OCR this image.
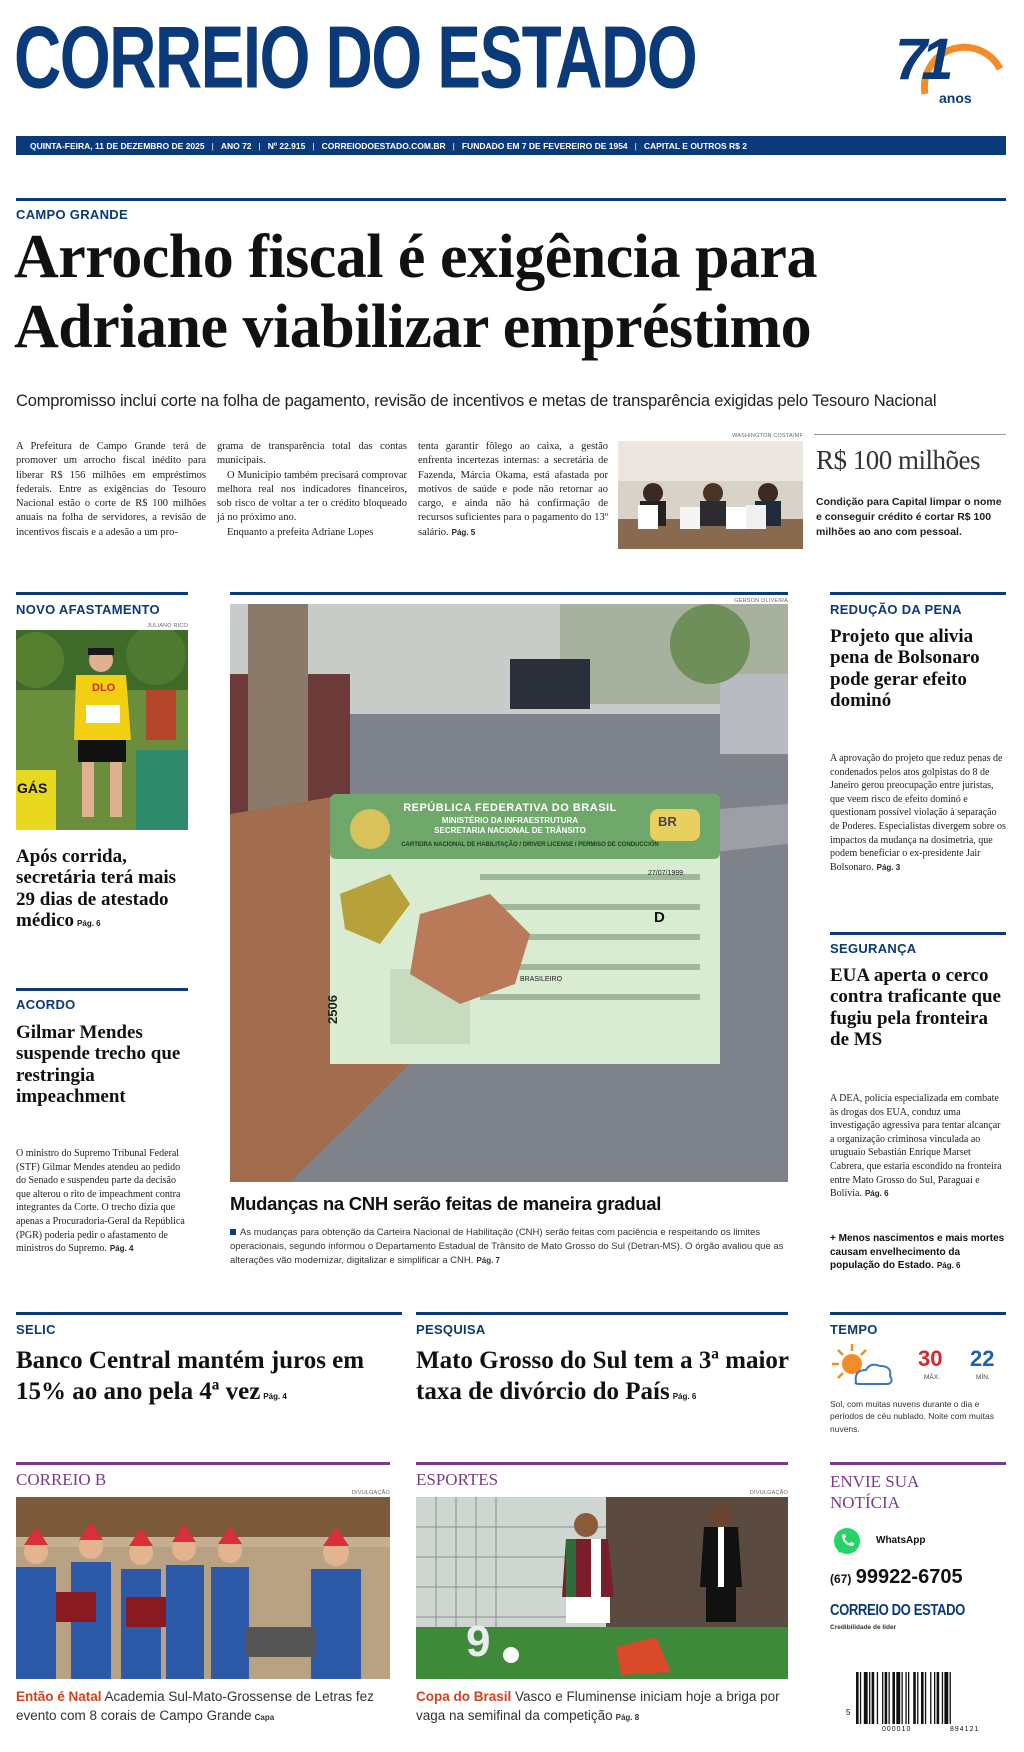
CORREIO DO ESTADO	71
anos
QUINTA-FEIRA, 11 DE DEZEMBRO DE 2025 | ANO 72 | Nº 22.915 | CORREIODOESTADO.COM.BR | FUNDADO EM 7 DE FEVEREIRO DE 1954 | CAPITAL E OUTROS R$ 2
CAMPO GRANDE
Arrocho fiscal é exigência para
Adriane viabilizar empréstimo
Compromisso inclui corte na folha de pagamento, revisão de incentivos e metas de transparência exigidas pelo Tesouro Nacional
A Prefeitura de Campo Grande terá de promover um arrocho fiscal inédito para liberar R$ 156 milhões em empréstimos federais. Entre as exigências do Tesouro Nacional estão o corte de R$ 100 milhões anuais na folha de servidores, a revisão de incentivos fiscais e a adesão a um pro-
grama de transparência total das contas municipais.
O Município também precisará comprovar melhora real nos indicadores financeiros, sob risco de voltar a ter o crédito bloqueado já no próximo ano.
Enquanto a prefeita Adriane Lopes
tenta garantir fôlego ao caixa, a gestão enfrenta incertezas internas: a secretária de Fazenda, Márcia Okama, está afastada por motivos de saúde e pode não retornar ao cargo, e ainda não há confirmação de recursos suficientes para o pagamento do 13º salário. Pág. 5
WASHINGTON COSTA/MF
R$ 100 milhões
Condição para Capital limpar o nome e conseguir crédito é cortar R$ 100 milhões ao ano com pessoal.
NOVO AFASTAMENTO
JULIANO RICO
DLO
GÁS
Após corrida, secretária terá mais 29 dias de atestado médico Pág. 6
ACORDO
Gilmar Mendes suspende trecho que restringia impeachment
O ministro do Supremo Tribunal Federal (STF) Gilmar Mendes atendeu ao pedido do Senado e suspendeu parte da decisão que alterou o rito de impeachment contra integrantes da Corte. O trecho dizia que apenas a Procuradoria-Geral da República (PGR) poderia pedir o afastamento de ministros do Supremo. Pág. 4
GERSON OLIVEIRA
REPÚBLICA FEDERATIVA DO BRASIL
MINISTÉRIO DA INFRAESTRUTURA
SECRETARIA NACIONAL DE TRÂNSITO
CARTEIRA NACIONAL DE HABILITAÇÃO / DRIVER LICENSE / PERMISO DE CONDUCCIÓN
BR
27/07/1999
D
BRASILEIRO
2506
Mudanças na CNH serão feitas de maneira gradual
As mudanças para obtenção da Carteira Nacional de Habilitação (CNH) serão feitas com paciência e respeitando os limites operacionais, segundo informou o Departamento Estadual de Trânsito de Mato Grosso do Sul (Detran-MS). O órgão avaliou que as alterações vão modernizar, digitalizar e simplificar a CNH. Pág. 7
REDUÇÃO DA PENA
Projeto que alivia pena de Bolsonaro pode gerar efeito dominó
A aprovação do projeto que reduz penas de condenados pelos atos golpistas do 8 de Janeiro gerou preocupação entre juristas, que veem risco de efeito dominó e questionam possível violação à separação de Poderes. Especialistas divergem sobre os impactos da mudança na dosimetria, que podem beneficiar o ex-presidente Jair Bolsonaro. Pág. 3
SEGURANÇA
EUA aperta o cerco contra traficante que fugiu pela fronteira de MS
A DEA, polícia especializada em combate às drogas dos EUA, conduz uma investigação agressiva para tentar alcançar a organização criminosa vinculada ao uruguaio Sebastián Enrique Marset Cabrera, que estaria escondido na fronteira entre Mato Grosso do Sul, Paraguai e Bolívia. Pág. 6
+ Menos nascimentos e mais mortes causam envelhecimento da população do Estado. Pág. 6
SELIC
Banco Central mantém juros em 15% ao ano pela 4ª vez Pág. 4
PESQUISA
Mato Grosso do Sul tem a 3ª maior taxa de divórcio do País Pág. 6
TEMPO
30
MÁX.
22
MÍN.
Sol, com muitas nuvens durante o dia e períodos de céu nublado. Noite com muitas nuvens.
CORREIO B
DIVULGAÇÃO
Então é Natal Academia Sul-Mato-Grossense de Letras fez evento com 8 corais de Campo Grande Capa
ESPORTES
DIVULGAÇÃO
9
Copa do Brasil Vasco e Fluminense iniciam hoje a briga por vaga na semifinal da competição Pág. 8
ENVIE SUA
NOTÍCIA
WhatsApp
(67) 99922-6705
CORREIO DO ESTADO
Credibilidade de líder
5
000010	894121
